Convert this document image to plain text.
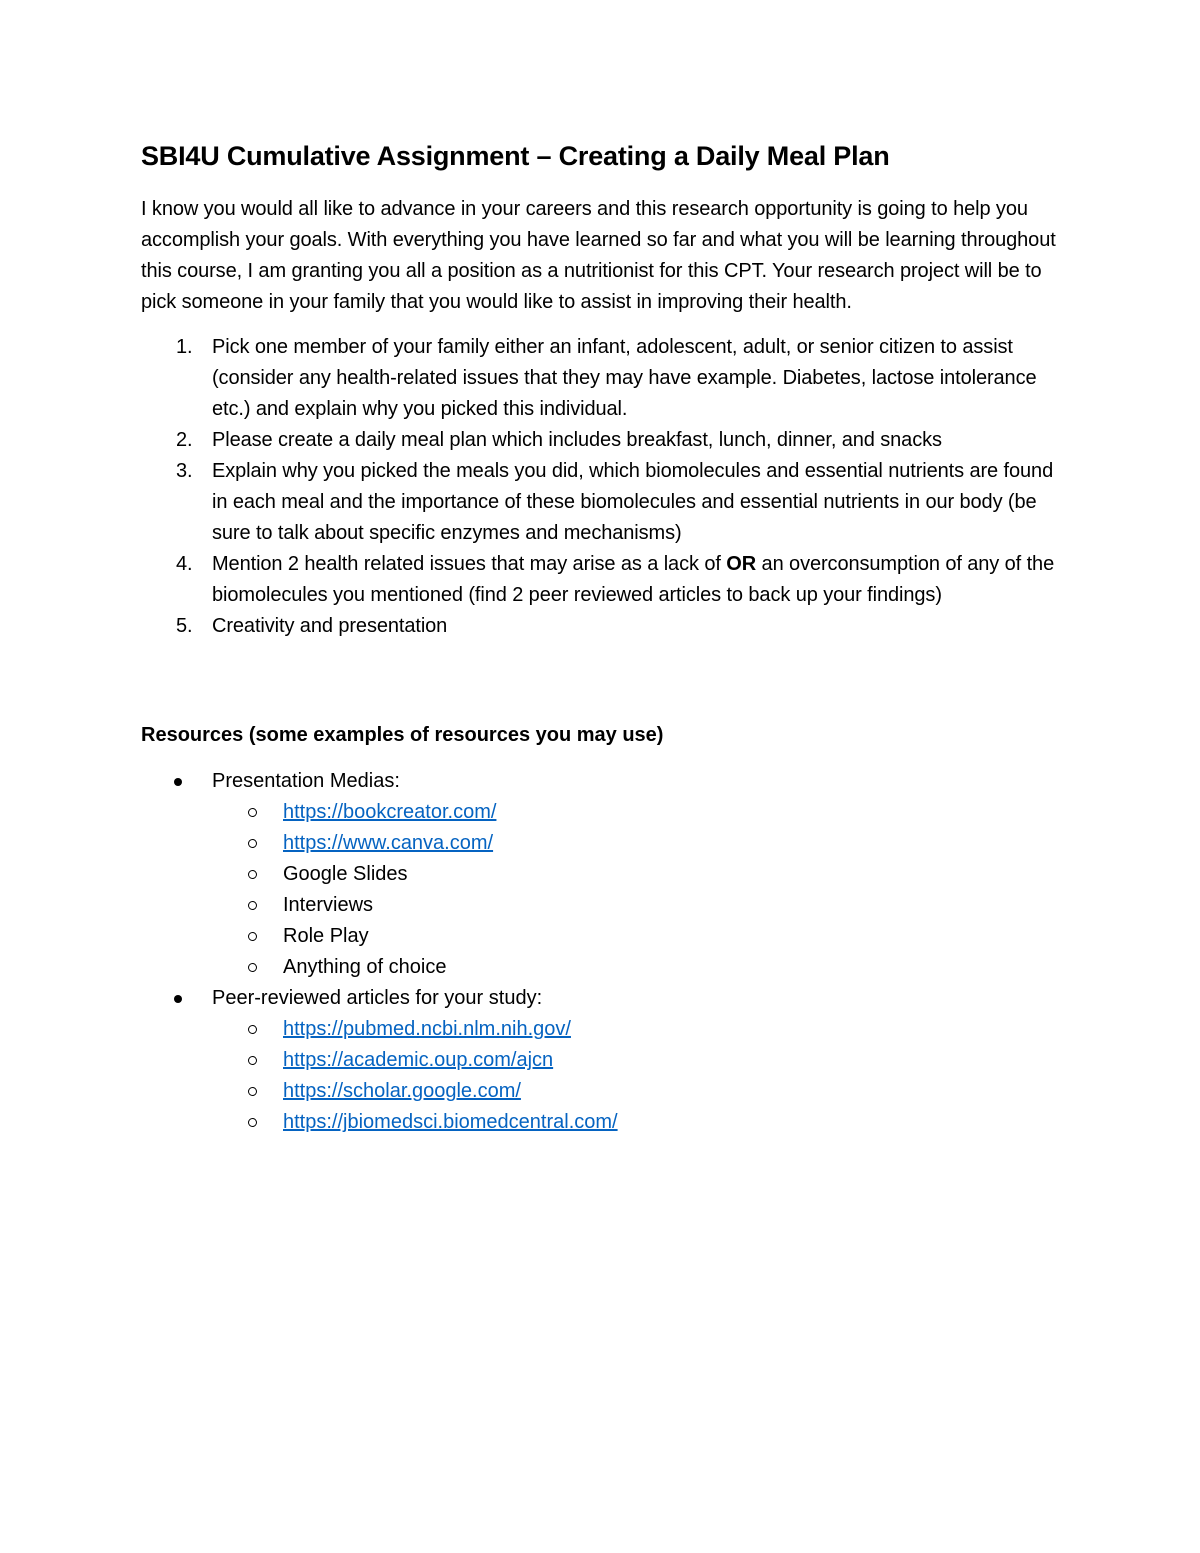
SBI4U Cumulative Assignment – Creating a Daily Meal Plan

I know you would all like to advance in your careers and this research opportunity is going to help you accomplish your goals. With everything you have learned so far and what you will be learning throughout this course, I am granting you all a position as a nutritionist for this CPT. Your research project will be to pick someone in your family that you would like to assist in improving their health.

1. Pick one member of your family either an infant, adolescent, adult, or senior citizen to assist (consider any health-related issues that they may have example. Diabetes, lactose intolerance etc.) and explain why you picked this individual.
2. Please create a daily meal plan which includes breakfast, lunch, dinner, and snacks
3. Explain why you picked the meals you did, which biomolecules and essential nutrients are found in each meal and the importance of these biomolecules and essential nutrients in our body (be sure to talk about specific enzymes and mechanisms)
4. Mention 2 health related issues that may arise as a lack of OR an overconsumption of any of the biomolecules you mentioned (find 2 peer reviewed articles to back up your findings)
5. Creativity and presentation
Resources (some examples of resources you may use)
Presentation Medias:
https://bookcreator.com/
https://www.canva.com/
Google Slides
Interviews
Role Play
Anything of choice
Peer-reviewed articles for your study:
https://pubmed.ncbi.nlm.nih.gov/
https://academic.oup.com/ajcn
https://scholar.google.com/
https://jbiomedsci.biomedcentral.com/
